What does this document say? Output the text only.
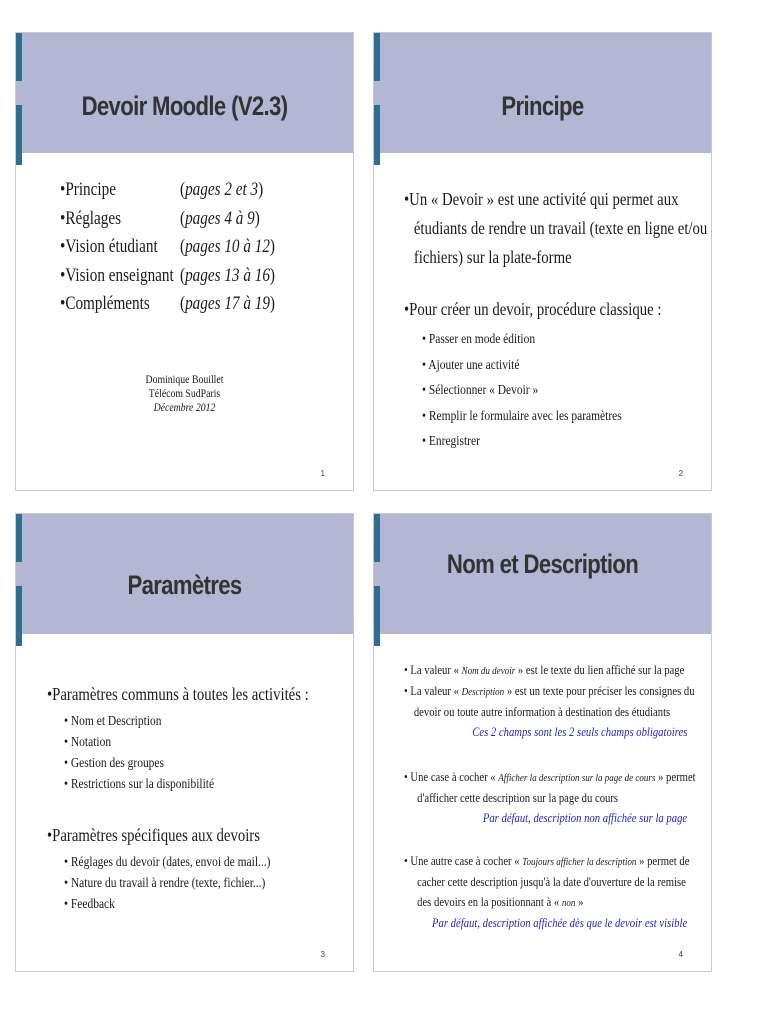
Devoir Moodle (V2.3)
•Principe	(pages 2 et 3)
•Réglages	(pages 4 à 9)
•Vision étudiant (pages 10 à 12)
•Vision enseignant (pages 13 à 16)
•Compléments (pages 17 à 19)
Dominique Bouillet
Télécom SudParis
Décembre 2012
1
Principe
•Un « Devoir » est une activité qui permet aux
étudiants de rendre un travail (texte en ligne et/ou
fichiers) sur la plate-forme
•Pour créer un devoir, procédure classique :
• Passer en mode édition
• Ajouter une activité
• Sélectionner « Devoir »
• Remplir le formulaire avec les paramètres
• Enregistrer
2
Paramètres
•Paramètres communs à toutes les activités :
• Nom et Description
• Notation
• Gestion des groupes
• Restrictions sur la disponibilité
•Paramètres spécifiques aux devoirs
• Réglages du devoir (dates, envoi de mail...)
• Nature du travail à rendre (texte, fichier...)
• Feedback
3
Nom et Description
• La valeur « Nom du devoir » est le texte du lien affiché sur la page
• La valeur « Description » est un texte pour préciser les consignes du
devoir ou toute autre information à destination des étudiants
Ces 2 champs sont les 2 seuls champs obligatoires
• Une case à cocher « Afficher la description sur la page de cours » permet
d'afficher cette description sur la page du cours
Par défaut, description non affichée sur la page
• Une autre case à cocher « Toujours afficher la description » permet de
cacher cette description jusqu'à la date d'ouverture de la remise
des devoirs en la positionnant à « non »
Par défaut, description affichée dès que le devoir est visible
4
